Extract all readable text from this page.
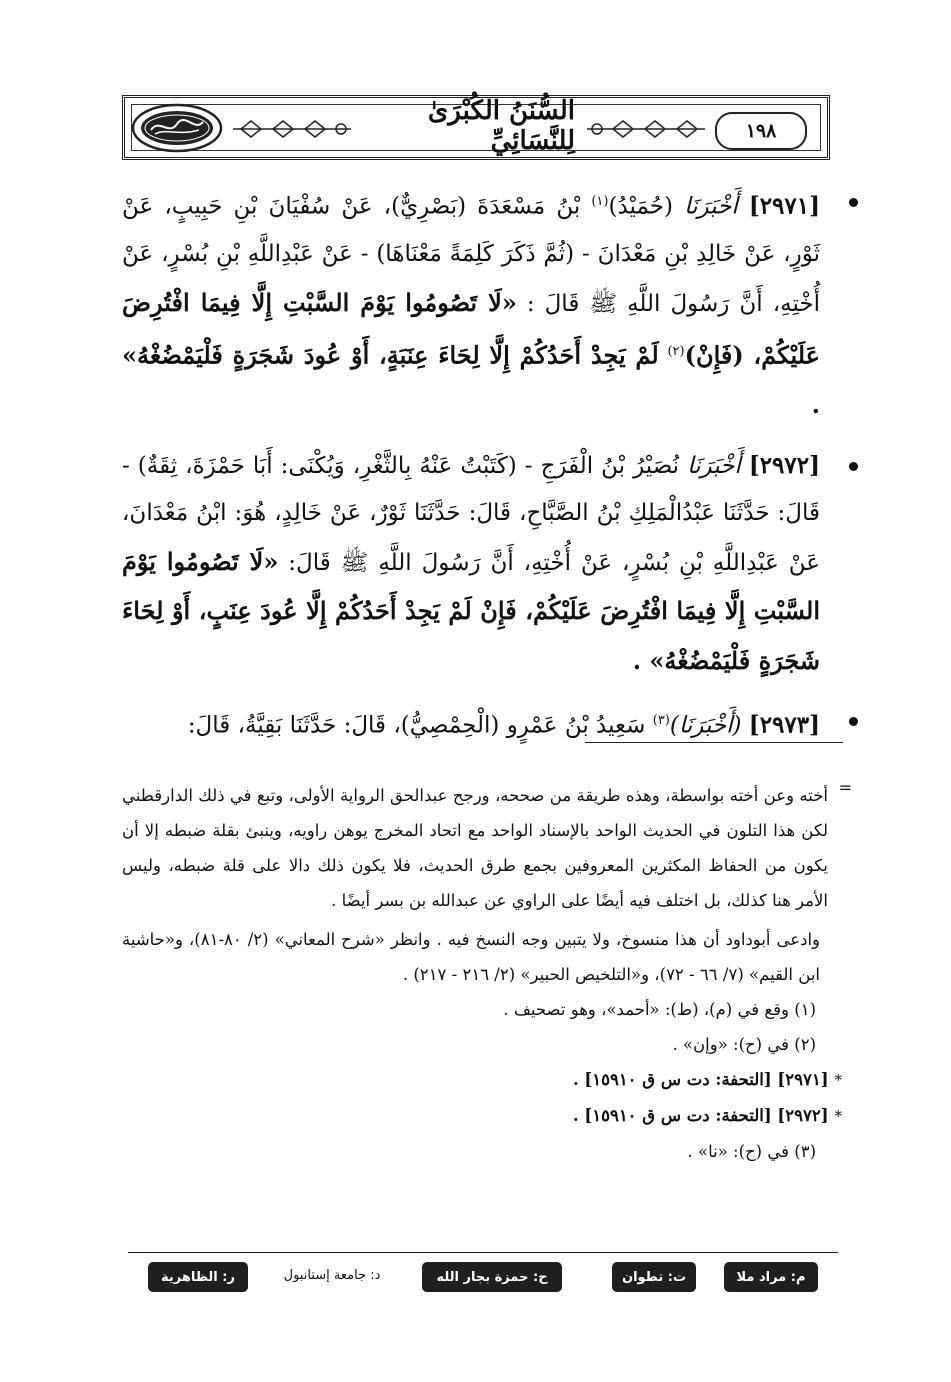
السُّنَنُ الكُبْرَىٰ لِلنَّسَائِيِّ	١٩٨

[٢٩٧١] أَخْبَرَنَا (حُمَيْدُ)$^{(١)}$ بْنُ مَسْعَدَةَ (بَصْرِيٌّ)، عَنْ سُفْيَانَ بْنِ حَبِيبٍ، عَنْ ثَوْرٍ، عَنْ خَالِدِ بْنِ مَعْدَانَ - (ثُمَّ ذَكَرَ كَلِمَةً مَعْنَاهَا) - عَنْ عَبْدِاللَّهِ بْنِ بُسْرٍ، عَنْ أُخْتِهِ، أَنَّ رَسُولَ اللَّهِ ﷺ قَالَ : «لَا تَصُومُوا يَوْمَ السَّبْتِ إِلَّا فِيمَا افْتُرِضَ عَلَيْكُمْ، (فَإِنْ)$^{(٢)}$ لَمْ يَجِدْ أَحَدُكُمْ إِلَّا لِحَاءَ عِنَبَةٍ، أَوْ عُودَ شَجَرَةٍ فَلْيَمْضُغْهُ» .

[٢٩٧٢] أَخْبَرَنَا نُصَيْرُ بْنُ الْفَرَجِ - (كَتَبْتُ عَنْهُ بِالثَّغْرِ، وَيُكْنَى: أَبَا حَمْزَةَ، ثِقَةٌ) - قَالَ: حَدَّثَنَا عَبْدُالْمَلِكِ بْنُ الصَّبَّاحِ، قَالَ: حَدَّثَنَا ثَوْرٌ، عَنْ خَالِدٍ، هُوَ: ابْنُ مَعْدَانَ، عَنْ عَبْدِاللَّهِ بْنِ بُسْرٍ، عَنْ أُخْتِهِ، أَنَّ رَسُولَ اللَّهِ ﷺ قَالَ: «لَا تَصُومُوا يَوْمَ السَّبْتِ إِلَّا فِيمَا افْتُرِضَ عَلَيْكُمْ، فَإِنْ لَمْ يَجِدْ أَحَدُكُمْ إِلَّا عُودَ عِنَبٍ، أَوْ لِحَاءَ شَجَرَةٍ فَلْيَمْضُغْهُ» .

[٢٩٧٣] (أَخْبَرَنَا)$^{(٣)}$ سَعِيدُ بْنُ عَمْرٍو (الْحِمْصِيُّ)، قَالَ: حَدَّثَنَا بَقِيَّةُ، قَالَ:

=

أخته وعن أخته بواسطة، وهذه طريقة من صححه، ورجح عبدالحق الرواية الأولى، وتبع في ذلك الدارقطني لكن هذا التلون في الحديث الواحد بالإسناد الواحد مع اتحاد المخرج يوهن راويه، وينبئ بقلة ضبطه إلا أن يكون من الحفاظ المكثرين المعروفين بجمع طرق الحديث، فلا يكون ذلك دالا على قلة ضبطه، وليس الأمر هنا كذلك، بل اختلف فيه أيضًا على الراوي عن عبدالله بن بسر أيضًا .

وادعى أبوداود أن هذا منسوخ، ولا يتبين وجه النسخ فيه . وانظر «شرح المعاني» (٢/ ٨٠-٨١)، و«حاشية ابن القيم» (٧/ ٦٦ - ٧٢)، و«التلخيص الحبير» (٢/ ٢١٦ - ٢١٧) .

(١) وقع في (م)، (ط): «أحمد»، وهو تصحيف .

(٢) في (ح): «وإن» .

*[٢٩٧١] [التحفة: دت س ق ١٥٩١٠] .

*[٢٩٧٢] [التحفة: دت س ق ١٥٩١٠] .

(٣) في (ح): «نا» .

م: مراد ملا
ت: تطوان
ح: حمزة بجار الله
د: جامعة إستانبول
ر: الظاهرية
